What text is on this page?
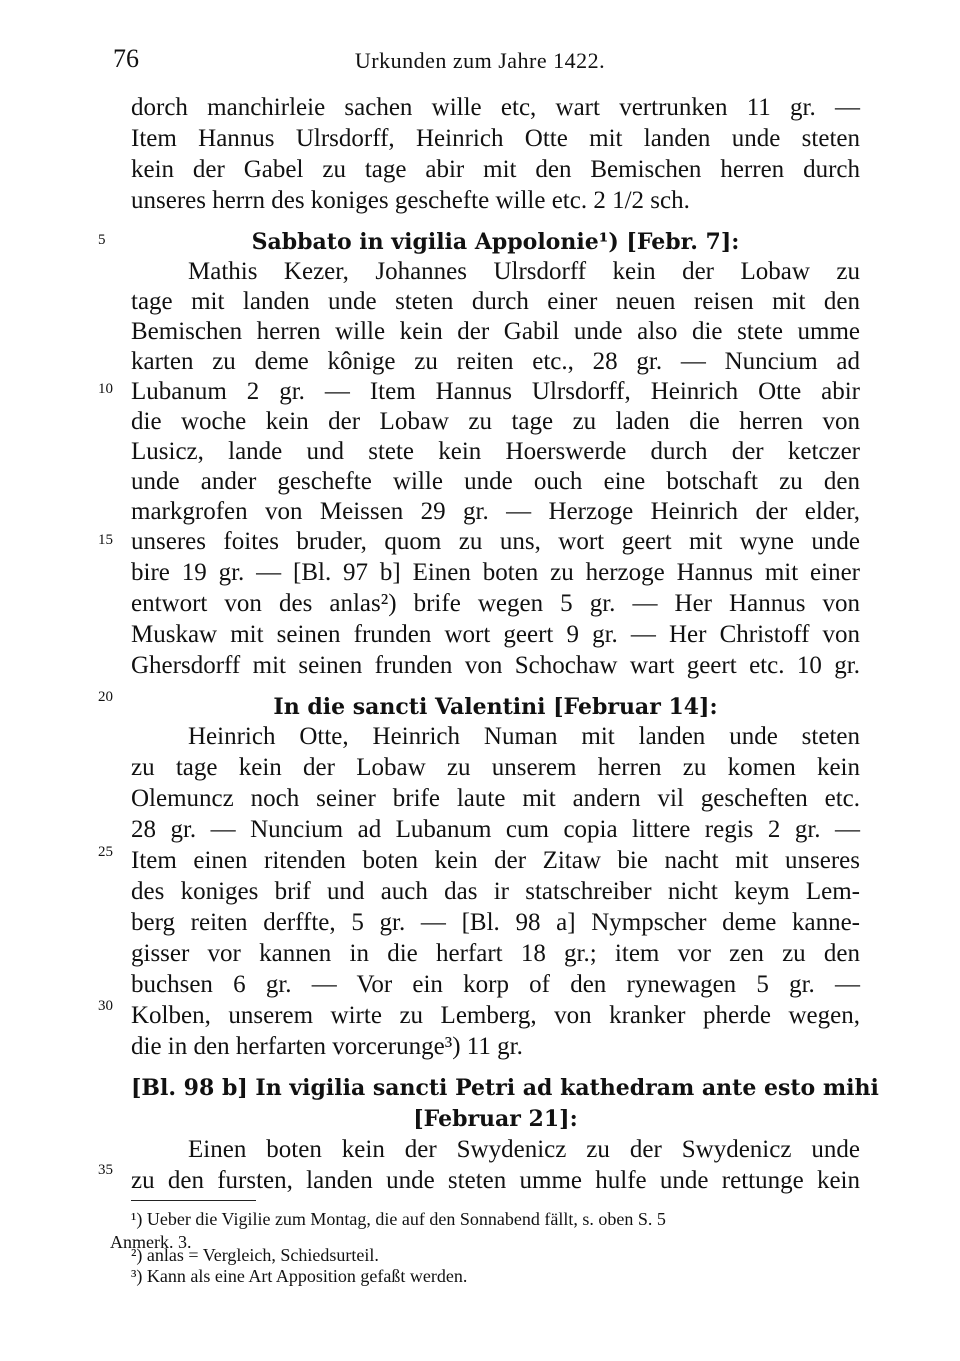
76	Urkunden zum Jahre 1422.
dorch manchirleie sachen wille etc, wart vertrunken 11 gr. —
Item Hannus Ulrsdorff, Heinrich Otte mit landen unde steten
kein der Gabel zu tage abir mit den Bemischen herren durch
unseres herrn des koniges geschefte wille etc. 2 1/2 sch.
Sabbato in vigilia Appolonie¹) [Febr. 7]:
Mathis Kezer, Johannes Ulrsdorff kein der Lobaw zu
tage mit landen unde steten durch einer neuen reisen mit den
Bemischen herren wille kein der Gabil unde also die stete umme
karten zu deme kônige zu reiten etc., 28 gr. — Nuncium ad
Lubanum 2 gr. — Item Hannus Ulrsdorff, Heinrich Otte abir
die woche kein der Lobaw zu tage zu laden die herren von
Lusicz, lande und stete kein Hoerswerde durch der ketczer
unde ander geschefte wille unde ouch eine botschaft zu den
markgrofen von Meissen 29 gr. — Herzoge Heinrich der elder,
unseres foites bruder, quom zu uns, wort geert mit wyne unde
bire 19 gr. — [Bl. 97 b] Einen boten zu herzoge Hannus mit einer
entwort von des anlas²) brife wegen 5 gr. — Her Hannus von
Muskaw mit seinen frunden wort geert 9 gr. — Her Christoff von
Ghersdorff mit seinen frunden von Schochaw wart geert etc. 10 gr.
In die sancti Valentini [Februar 14]:
Heinrich Otte, Heinrich Numan mit landen unde steten
zu tage kein der Lobaw zu unserem herren zu komen kein
Olemuncz noch seiner brife laute mit andern vil gescheften etc.
28 gr. — Nuncium ad Lubanum cum copia littere regis 2 gr. —
Item einen ritenden boten kein der Zitaw bie nacht mit unseres
des koniges brif und auch das ir statschreiber nicht keym Lem-
berg reiten derffte, 5 gr. — [Bl. 98 a] Nympscher deme kanne-
gisser vor kannen in die herfart 18 gr.; item vor zen zu den
buchsen 6 gr. — Vor ein korp of den rynewagen 5 gr. —
Kolben, unserem wirte zu Lemberg, von kranker pherde wegen,
die in den herfarten vorcerunge³) 11 gr.
[Bl. 98 b] In vigilia sancti Petri ad kathedram ante esto mihi
[Februar 21]:
Einen boten kein der Swydenicz zu der Swydenicz unde
zu den fursten, landen unde steten umme hulfe unde rettunge kein
5
10
15
20
25
30
35
¹) Ueber die Vigilie zum Montag, die auf den Sonnabend fällt, s. oben S. 5
Anmerk. 3.
²) anlas = Vergleich, Schiedsurteil.
³) Kann als eine Art Apposition gefaßt werden.
